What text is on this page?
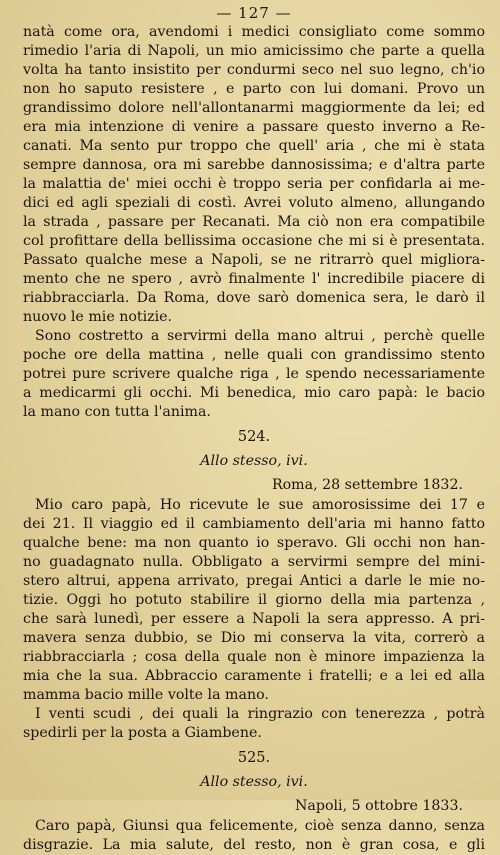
— 127 —
natà come ora, avendomi i medici consigliato come sommo
rimedio l'aria di Napoli, un mio amicissimo che parte a quella
volta ha tanto insistito per condurmi seco nel suo legno, ch'io
non ho saputo resistere , e parto con lui domani. Provo un
grandissimo dolore nell'allontanarmi maggiormente da lei; ed
era mia intenzione di venire a passare questo inverno a Re-
canati. Ma sento pur troppo che quell' aria , che mi è stata
sempre dannosa, ora mi sarebbe dannosissima; e d'altra parte
la malattia de' miei occhi è troppo seria per confidarla ai me-
dici ed agli speziali di costì. Avrei voluto almeno, allungando
la strada , passare per Recanati. Ma ciò non era compatibile
col profittare della bellissima occasione che mi si è presentata.
Passato qualche mese a Napoli, se ne ritrarrò quel migliora-
mento che ne spero , avrò finalmente l' incredibile piacere di
riabbracciarla. Da Roma, dove sarò domenica sera, le darò il
nuovo le mie notizie.
Sono costretto a servirmi della mano altrui , perchè quelle
poche ore della mattina , nelle quali con grandissimo stento
potrei pure scrivere qualche riga , le spendo necessariamente
a medicarmi gli occhi. Mi benedica, mio caro papà: le bacio
la mano con tutta l'anima.
524.
Allo stesso, ivi.
Roma, 28 settembre 1832.
Mio caro papà, Ho ricevute le sue amorosissime dei 17 e
dei 21. Il viaggio ed il cambiamento dell'aria mi hanno fatto
qualche bene: ma non quanto io speravo. Gli occhi non han-
no guadagnato nulla. Obbligato a servirmi sempre del mini-
stero altrui, appena arrivato, pregai Antici a darle le mie no-
tizie. Oggi ho potuto stabilire il giorno della mia partenza ,
che sarà lunedì, per essere a Napoli la sera appresso. A pri-
mavera senza dubbio, se Dio mi conserva la vita, correrò a
riabbracciarla ; cosa della quale non è minore impazienza la
mia che la sua. Abbraccio caramente i fratelli; e a lei ed alla
mamma bacio mille volte la mano.
I venti scudi , dei quali la ringrazio con tenerezza , potrà
spedirli per la posta a Giambene.
525.
Allo stesso, ivi.
Napoli, 5 ottobre 1833.
Caro papà, Giunsi qua felicemente, cioè senza danno, senza
disgrazie. La mia salute, del resto, non è gran cosa, e gli
